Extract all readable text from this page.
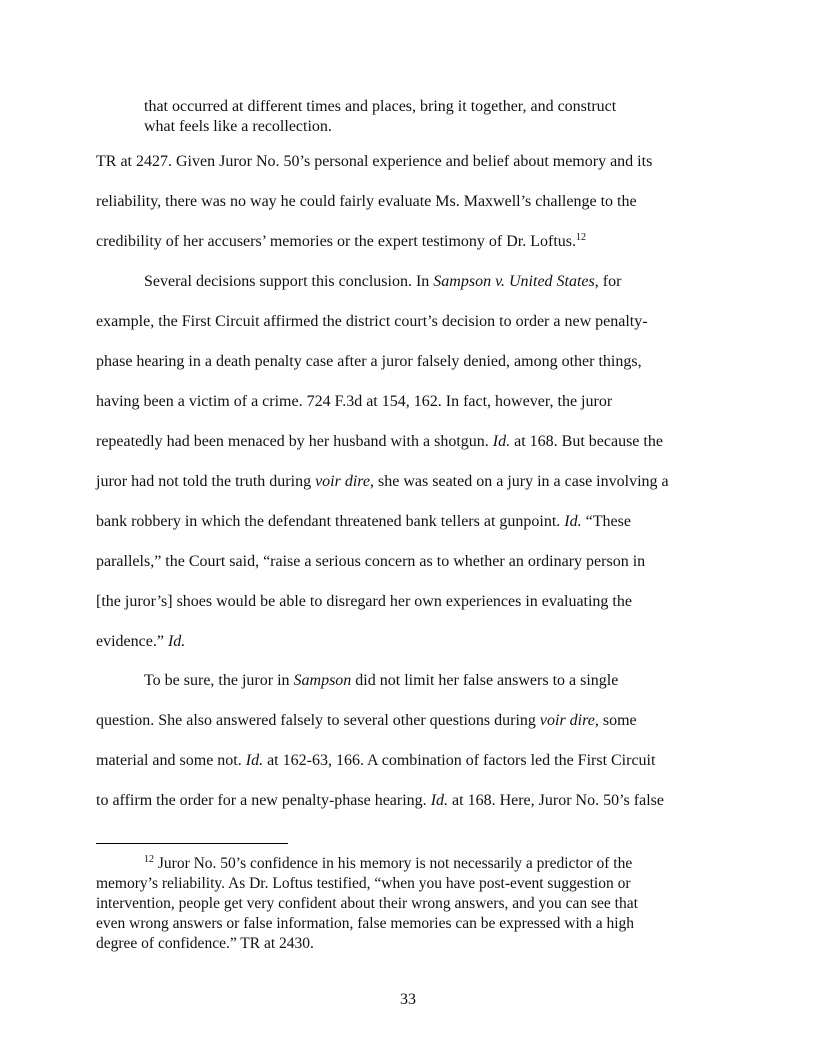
that occurred at different times and places, bring it together, and construct
what feels like a recollection.
TR at 2427. Given Juror No. 50’s personal experience and belief about memory and its
reliability, there was no way he could fairly evaluate Ms. Maxwell’s challenge to the
credibility of her accusers’ memories or the expert testimony of Dr. Loftus.$^{12}$
Several decisions support this conclusion. In Sampson v. United States, for
example, the First Circuit affirmed the district court’s decision to order a new penalty-
phase hearing in a death penalty case after a juror falsely denied, among other things,
having been a victim of a crime. 724 F.3d at 154, 162. In fact, however, the juror
repeatedly had been menaced by her husband with a shotgun. Id. at 168. But because the
juror had not told the truth during voir dire, she was seated on a jury in a case involving a
bank robbery in which the defendant threatened bank tellers at gunpoint. Id. “These
parallels,” the Court said, “raise a serious concern as to whether an ordinary person in
[the juror’s] shoes would be able to disregard her own experiences in evaluating the
evidence.” Id.
To be sure, the juror in Sampson did not limit her false answers to a single
question. She also answered falsely to several other questions during voir dire, some
material and some not. Id. at 162-63, 166. A combination of factors led the First Circuit
to affirm the order for a new penalty-phase hearing. Id. at 168. Here, Juror No. 50’s false
$^{12}$ Juror No. 50’s confidence in his memory is not necessarily a predictor of the
memory’s reliability. As Dr. Loftus testified, “when you have post-event suggestion or
intervention, people get very confident about their wrong answers, and you can see that
even wrong answers or false information, false memories can be expressed with a high
degree of confidence.” TR at 2430.
33
